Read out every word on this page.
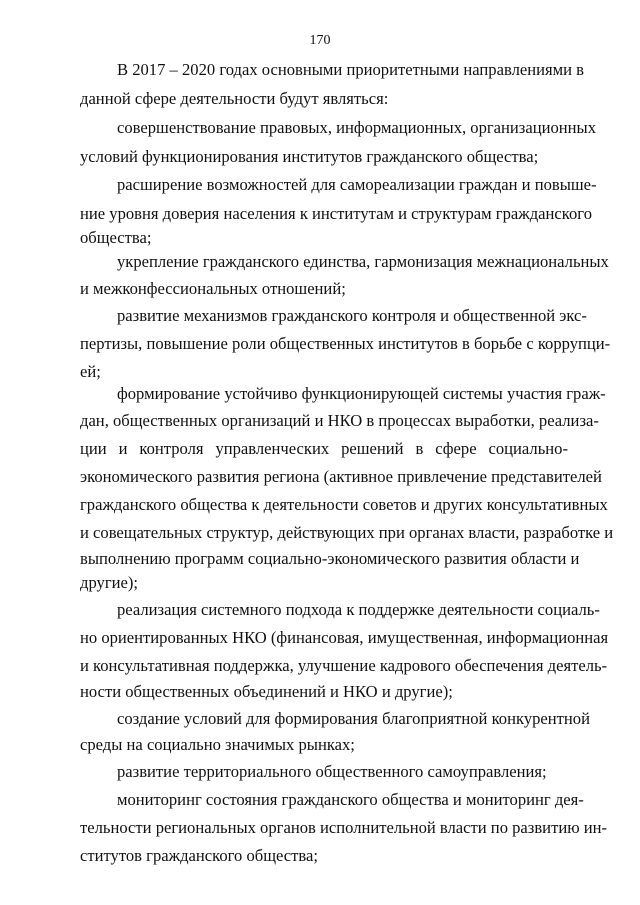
170
В 2017 – 2020 годах основными приоритетными направлениями в
данной сфере деятельности будут являться:
совершенствование правовых, информационных, организационных
условий функционирования институтов гражданского общества;
расширение возможностей для самореализации граждан и повыше-
ние уровня доверия населения к институтам и структурам гражданского
общества;
укрепление гражданского единства, гармонизация межнациональных
и межконфессиональных отношений;
развитие механизмов гражданского контроля и общественной экс-
пертизы, повышение роли общественных институтов в борьбе с коррупци-
ей;
формирование устойчиво функционирующей системы участия граж-
дан, общественных организаций и НКО в процессах выработки, реализа-
ции и контроля управленческих решений в сфере социально-
экономического развития региона (активное привлечение представителей
гражданского общества к деятельности советов и других консультативных
и совещательных структур, действующих при органах власти, разработке и
выполнению программ социально-экономического развития области и
другие);
реализация системного подхода к поддержке деятельности социаль-
но ориентированных НКО (финансовая, имущественная, информационная
и консультативная поддержка, улучшение кадрового обеспечения деятель-
ности общественных объединений и НКО и другие);
создание условий для формирования благоприятной конкурентной
среды на социально значимых рынках;
развитие территориального общественного самоуправления;
мониторинг состояния гражданского общества и мониторинг дея-
тельности региональных органов исполнительной власти по развитию ин-
ститутов гражданского общества;
